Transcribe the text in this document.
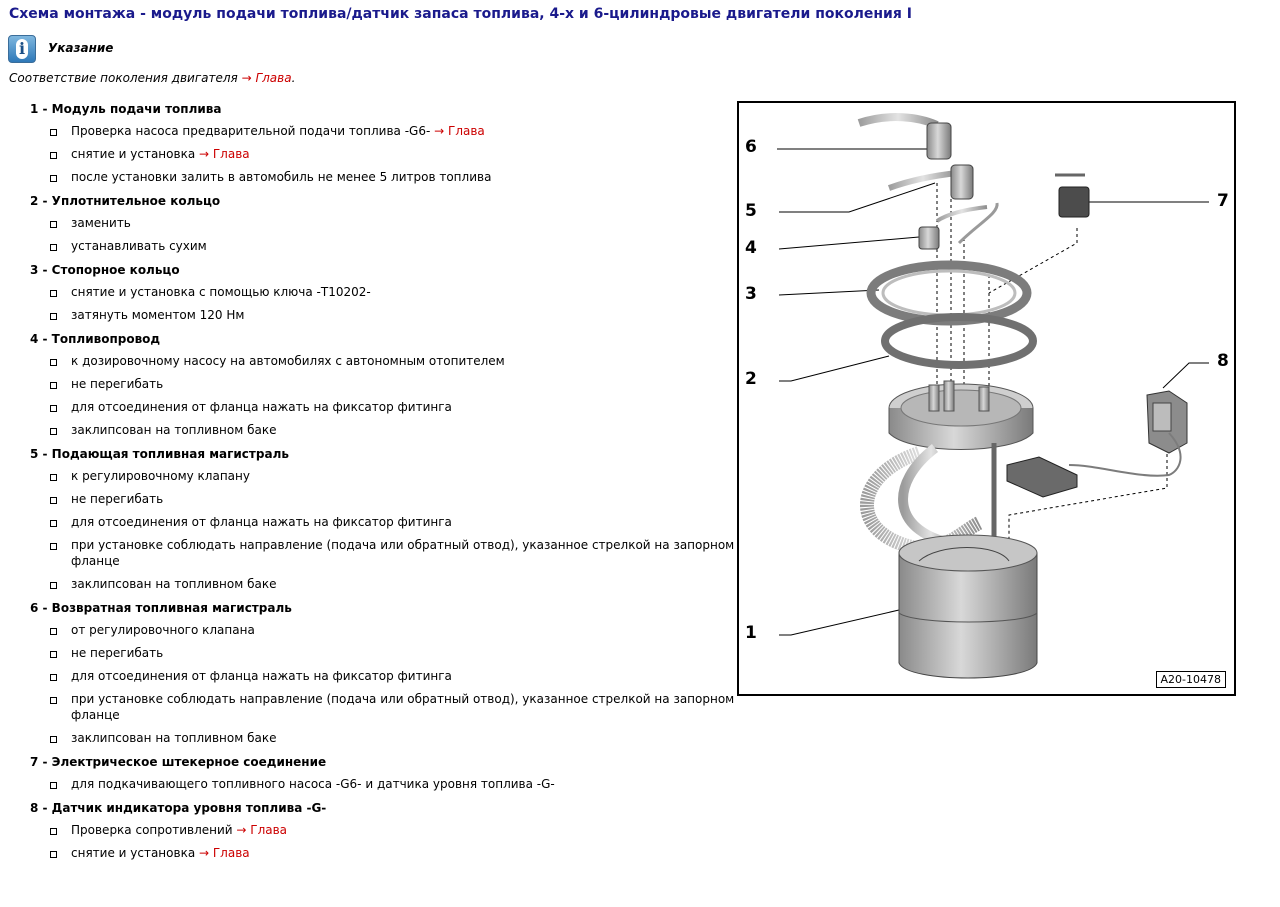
Схема монтажа - модуль подачи топлива/датчик запаса топлива, 4-х и 6-цилиндровые двигатели поколения I
i Указание
Соответствие поколения двигателя → Глава.
1 - Модуль подачи топлива
Проверка насоса предварительной подачи топлива -G6- → Глава
снятие и установка → Глава
после установки залить в автомобиль не менее 5 литров топлива
2 - Уплотнительное кольцо
заменить
устанавливать сухим
3 - Стопорное кольцо
снятие и установка с помощью ключа -T10202-
затянуть моментом 120 Нм
4 - Топливопровод
к дозировочному насосу на автомобилях с автономным отопителем
не перегибать
для отсоединения от фланца нажать на фиксатор фитинга
заклипсован на топливном баке
5 - Подающая топливная магистраль
к регулировочному клапану
не перегибать
для отсоединения от фланца нажать на фиксатор фитинга
при установке соблюдать направление (подача или обратный отвод), указанное стрелкой на запорном фланце
заклипсован на топливном баке
6 - Возвратная топливная магистраль
от регулировочного клапана
не перегибать
для отсоединения от фланца нажать на фиксатор фитинга
при установке соблюдать направление (подача или обратный отвод), указанное стрелкой на запорном фланце
заклипсован на топливном баке
7 - Электрическое штекерное соединение
для подкачивающего топливного насоса -G6- и датчика уровня топлива -G-
8 - Датчик индикатора уровня топлива -G-
Проверка сопротивлений → Глава
снятие и установка → Глава
6
5
4
3
2
1
7
8
A20-10478
